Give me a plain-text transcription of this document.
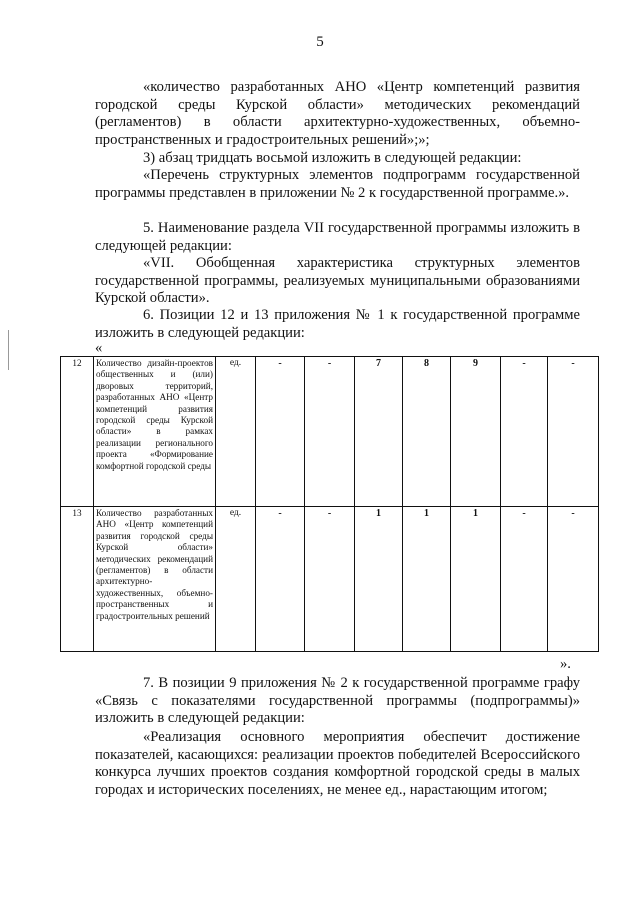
5

«количество разработанных АНО «Центр компетенций развития городской среды Курской области» методических рекомендаций (регламентов) в области архитектурно-художественных, объемно-пространственных и градостроительных решений»;»;

3) абзац тридцать восьмой изложить в следующей редакции:

«Перечень структурных элементов подпрограмм государственной программы представлен в приложении № 2 к государственной программе.».

5. Наименование раздела VII государственной программы изложить в следующей редакции:

«VII. Обобщенная характеристика структурных элементов государственной программы, реализуемых муниципальными образованиями Курской области».

6. Позиции 12 и 13 приложения № 1 к государственной программе изложить в следующей редакции:

«
12	Количество дизайн-проектов общественных и (или) дворовых территорий, разработанных АНО «Центр компетенций развития городской среды Курской области» в рамках реализации регионального проекта «Формирование комфортной городской среды	ед.	-	-	7	8	9	-	-
13	Количество разработанных АНО «Центр компетенций развития городской среды Курской области» методических рекомендаций (регламентов) в области архитектурно-художественных, объемно-пространственных и градостроительных решений	ед.	-	-	1	1	1	-	-
».

7. В позиции 9 приложения № 2 к государственной программе графу «Связь с показателями государственной программы (подпрограммы)» изложить в следующей редакции:

«Реализация основного мероприятия обеспечит достижение показателей, касающихся: реализации проектов победителей Всероссийского конкурса лучших проектов создания комфортной городской среды в малых городах и исторических поселениях, не менее ед., нарастающим итогом;
